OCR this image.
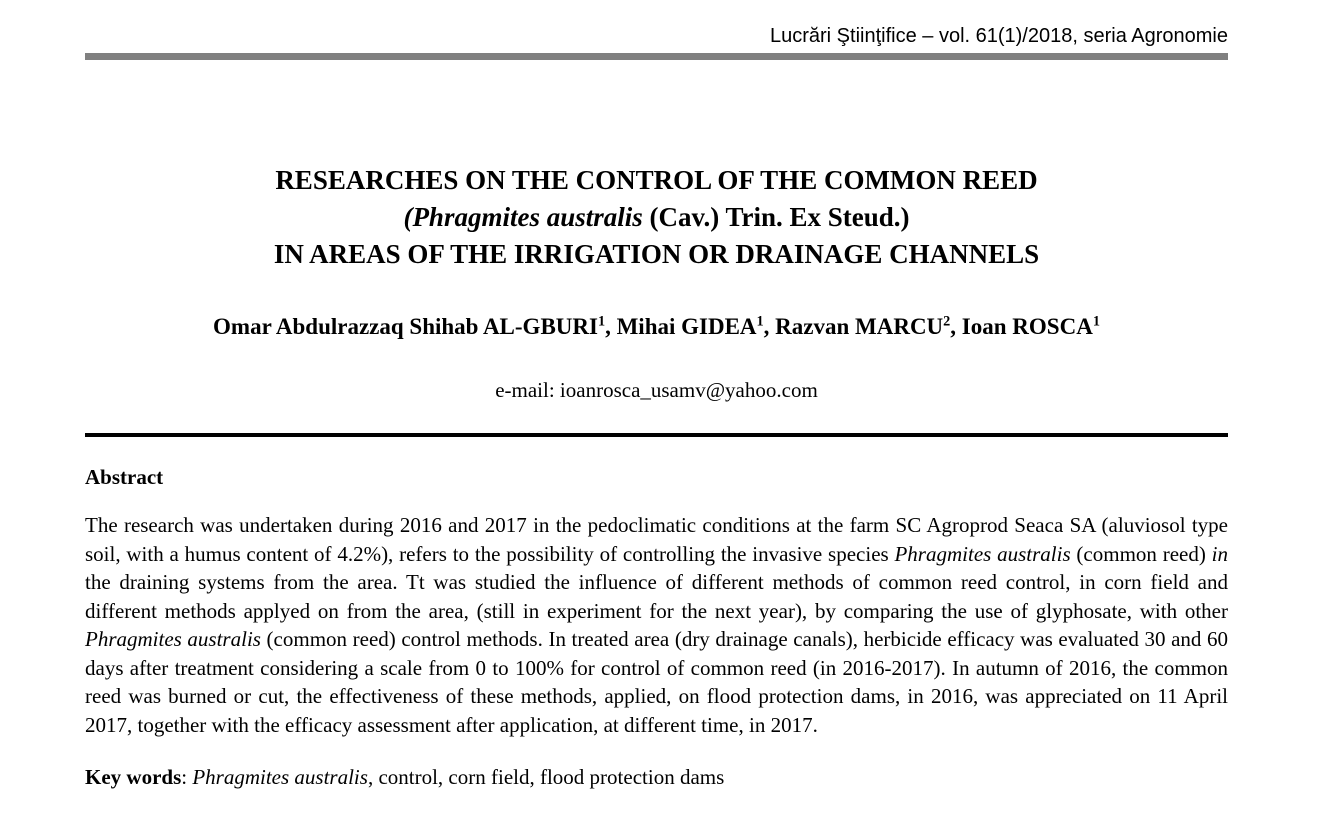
Lucrări Ştiinţifice – vol. 61(1)/2018, seria Agronomie
RESEARCHES ON THE CONTROL OF THE COMMON REED
(Phragmites australis (Cav.) Trin. Ex Steud.)
IN AREAS OF THE IRRIGATION OR DRAINAGE CHANNELS
Omar Abdulrazzaq Shihab AL-GBURI$^1$, Mihai GIDEA$^1$, Razvan MARCU$^2$, Ioan ROSCA$^1$
e-mail: ioanrosca_usamv@yahoo.com
Abstract

The research was undertaken during 2016 and 2017 in the pedoclimatic conditions at the farm SC Agroprod Seaca SA (aluviosol type soil, with a humus content of 4.2%), refers to the possibility of controlling the invasive species Phragmites australis (common reed) in the draining systems from the area. Tt was studied the influence of different methods of common reed control, in corn field and different methods applyed on from the area, (still in experiment for the next year), by comparing the use of glyphosate, with other Phragmites australis (common reed) control methods. In treated area (dry drainage canals), herbicide efficacy was evaluated 30 and 60 days after treatment considering a scale from 0 to 100% for control of common reed (in 2016-2017). In autumn of 2016, the common reed was burned or cut, the effectiveness of these methods, applied, on flood protection dams, in 2016, was appreciated on 11 April 2017, together with the efficacy assessment after application, at different time, in 2017.

Key words: Phragmites australis, control, corn field, flood protection dams
